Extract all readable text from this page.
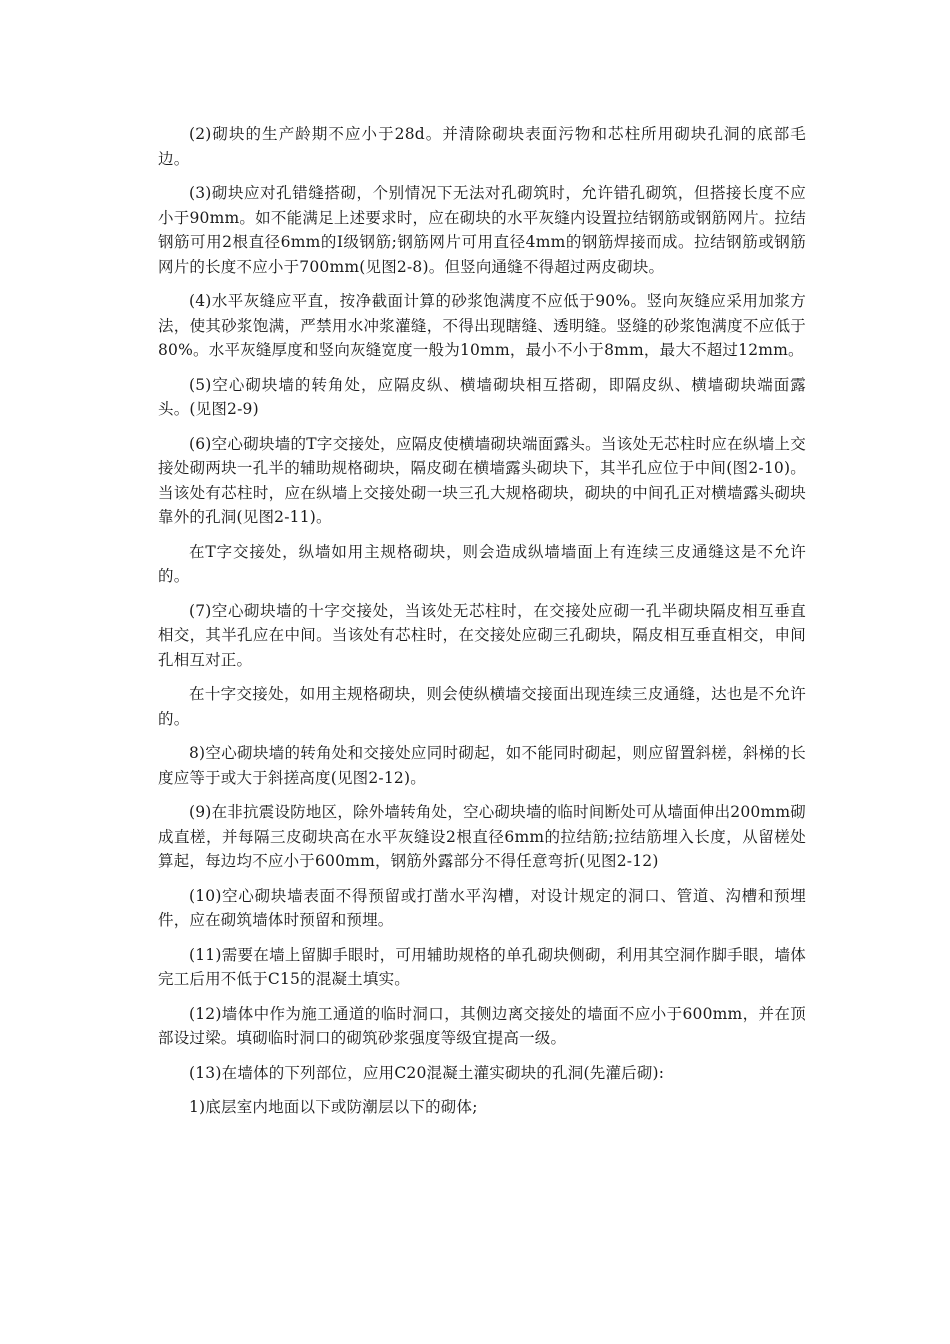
(2)砌块的生产龄期不应小于28d。并清除砌块表面污物和芯柱所用砌块孔洞的底部毛边。

(3)砌块应对孔错缝搭砌，个别情况下无法对孔砌筑时，允许错孔砌筑，但搭接长度不应小于90mm。如不能满足上述要求时，应在砌块的水平灰缝内设置拉结钢筋或钢筋网片。拉结钢筋可用2根直径6mm的I级钢筋;钢筋网片可用直径4mm的钢筋焊接而成。拉结钢筋或钢筋网片的长度不应小于700mm(见图2-8)。但竖向通缝不得超过两皮砌块。

(4)水平灰缝应平直，按净截面计算的砂浆饱满度不应低于90%。竖向灰缝应采用加浆方法，使其砂浆饱满，严禁用水冲浆灌缝，不得出现瞎缝、透明缝。竖缝的砂浆饱满度不应低于80%。水平灰缝厚度和竖向灰缝宽度一般为10mm，最小不小于8mm，最大不超过12mm。

(5)空心砌块墙的转角处，应隔皮纵、横墙砌块相互搭砌，即隔皮纵、横墙砌块端面露头。(见图2-9)

(6)空心砌块墙的T字交接处，应隔皮使横墙砌块端面露头。当该处无芯柱时应在纵墙上交接处砌两块一孔半的辅助规格砌块，隔皮砌在横墙露头砌块下，其半孔应位于中间(图2-10)。当该处有芯柱时，应在纵墙上交接处砌一块三孔大规格砌块，砌块的中间孔正对横墙露头砌块靠外的孔洞(见图2-11)。

在T字交接处，纵墙如用主规格砌块，则会造成纵墙墙面上有连续三皮通缝这是不允许的。

(7)空心砌块墙的十字交接处，当该处无芯柱时，在交接处应砌一孔半砌块隔皮相互垂直相交，其半孔应在中间。当该处有芯柱时，在交接处应砌三孔砌块，隔皮相互垂直相交，申间孔相互对正。

在十字交接处，如用主规格砌块，则会使纵横墙交接面出现连续三皮通缝，达也是不允许的。

8)空心砌块墙的转角处和交接处应同时砌起，如不能同时砌起，则应留置斜槎，斜梯的长度应等于或大于斜搓高度(见图2-12)。

(9)在非抗震设防地区，除外墙转角处，空心砌块墙的临时间断处可从墙面伸出200mm砌成直槎，并每隔三皮砌块高在水平灰缝设2根直径6mm的拉结筋;拉结筋埋入长度，从留槎处算起，每边均不应小于600mm，钢筋外露部分不得任意弯折(见图2-12)

(10)空心砌块墙表面不得预留或打凿水平沟槽，对设计规定的洞口、管道、沟槽和预埋件，应在砌筑墙体时预留和预埋。

(11)需要在墙上留脚手眼时，可用辅助规格的单孔砌块侧砌，利用其空洞作脚手眼，墙体完工后用不低于C15的混凝土填实。

(12)墙体中作为施工通道的临时洞口，其侧边离交接处的墙面不应小于600mm，并在顶部设过梁。填砌临时洞口的砌筑砂浆强度等级宜提高一级。

(13)在墙体的下列部位，应用C20混凝土灌实砌块的孔洞(先灌后砌):

1)底层室内地面以下或防潮层以下的砌体;
